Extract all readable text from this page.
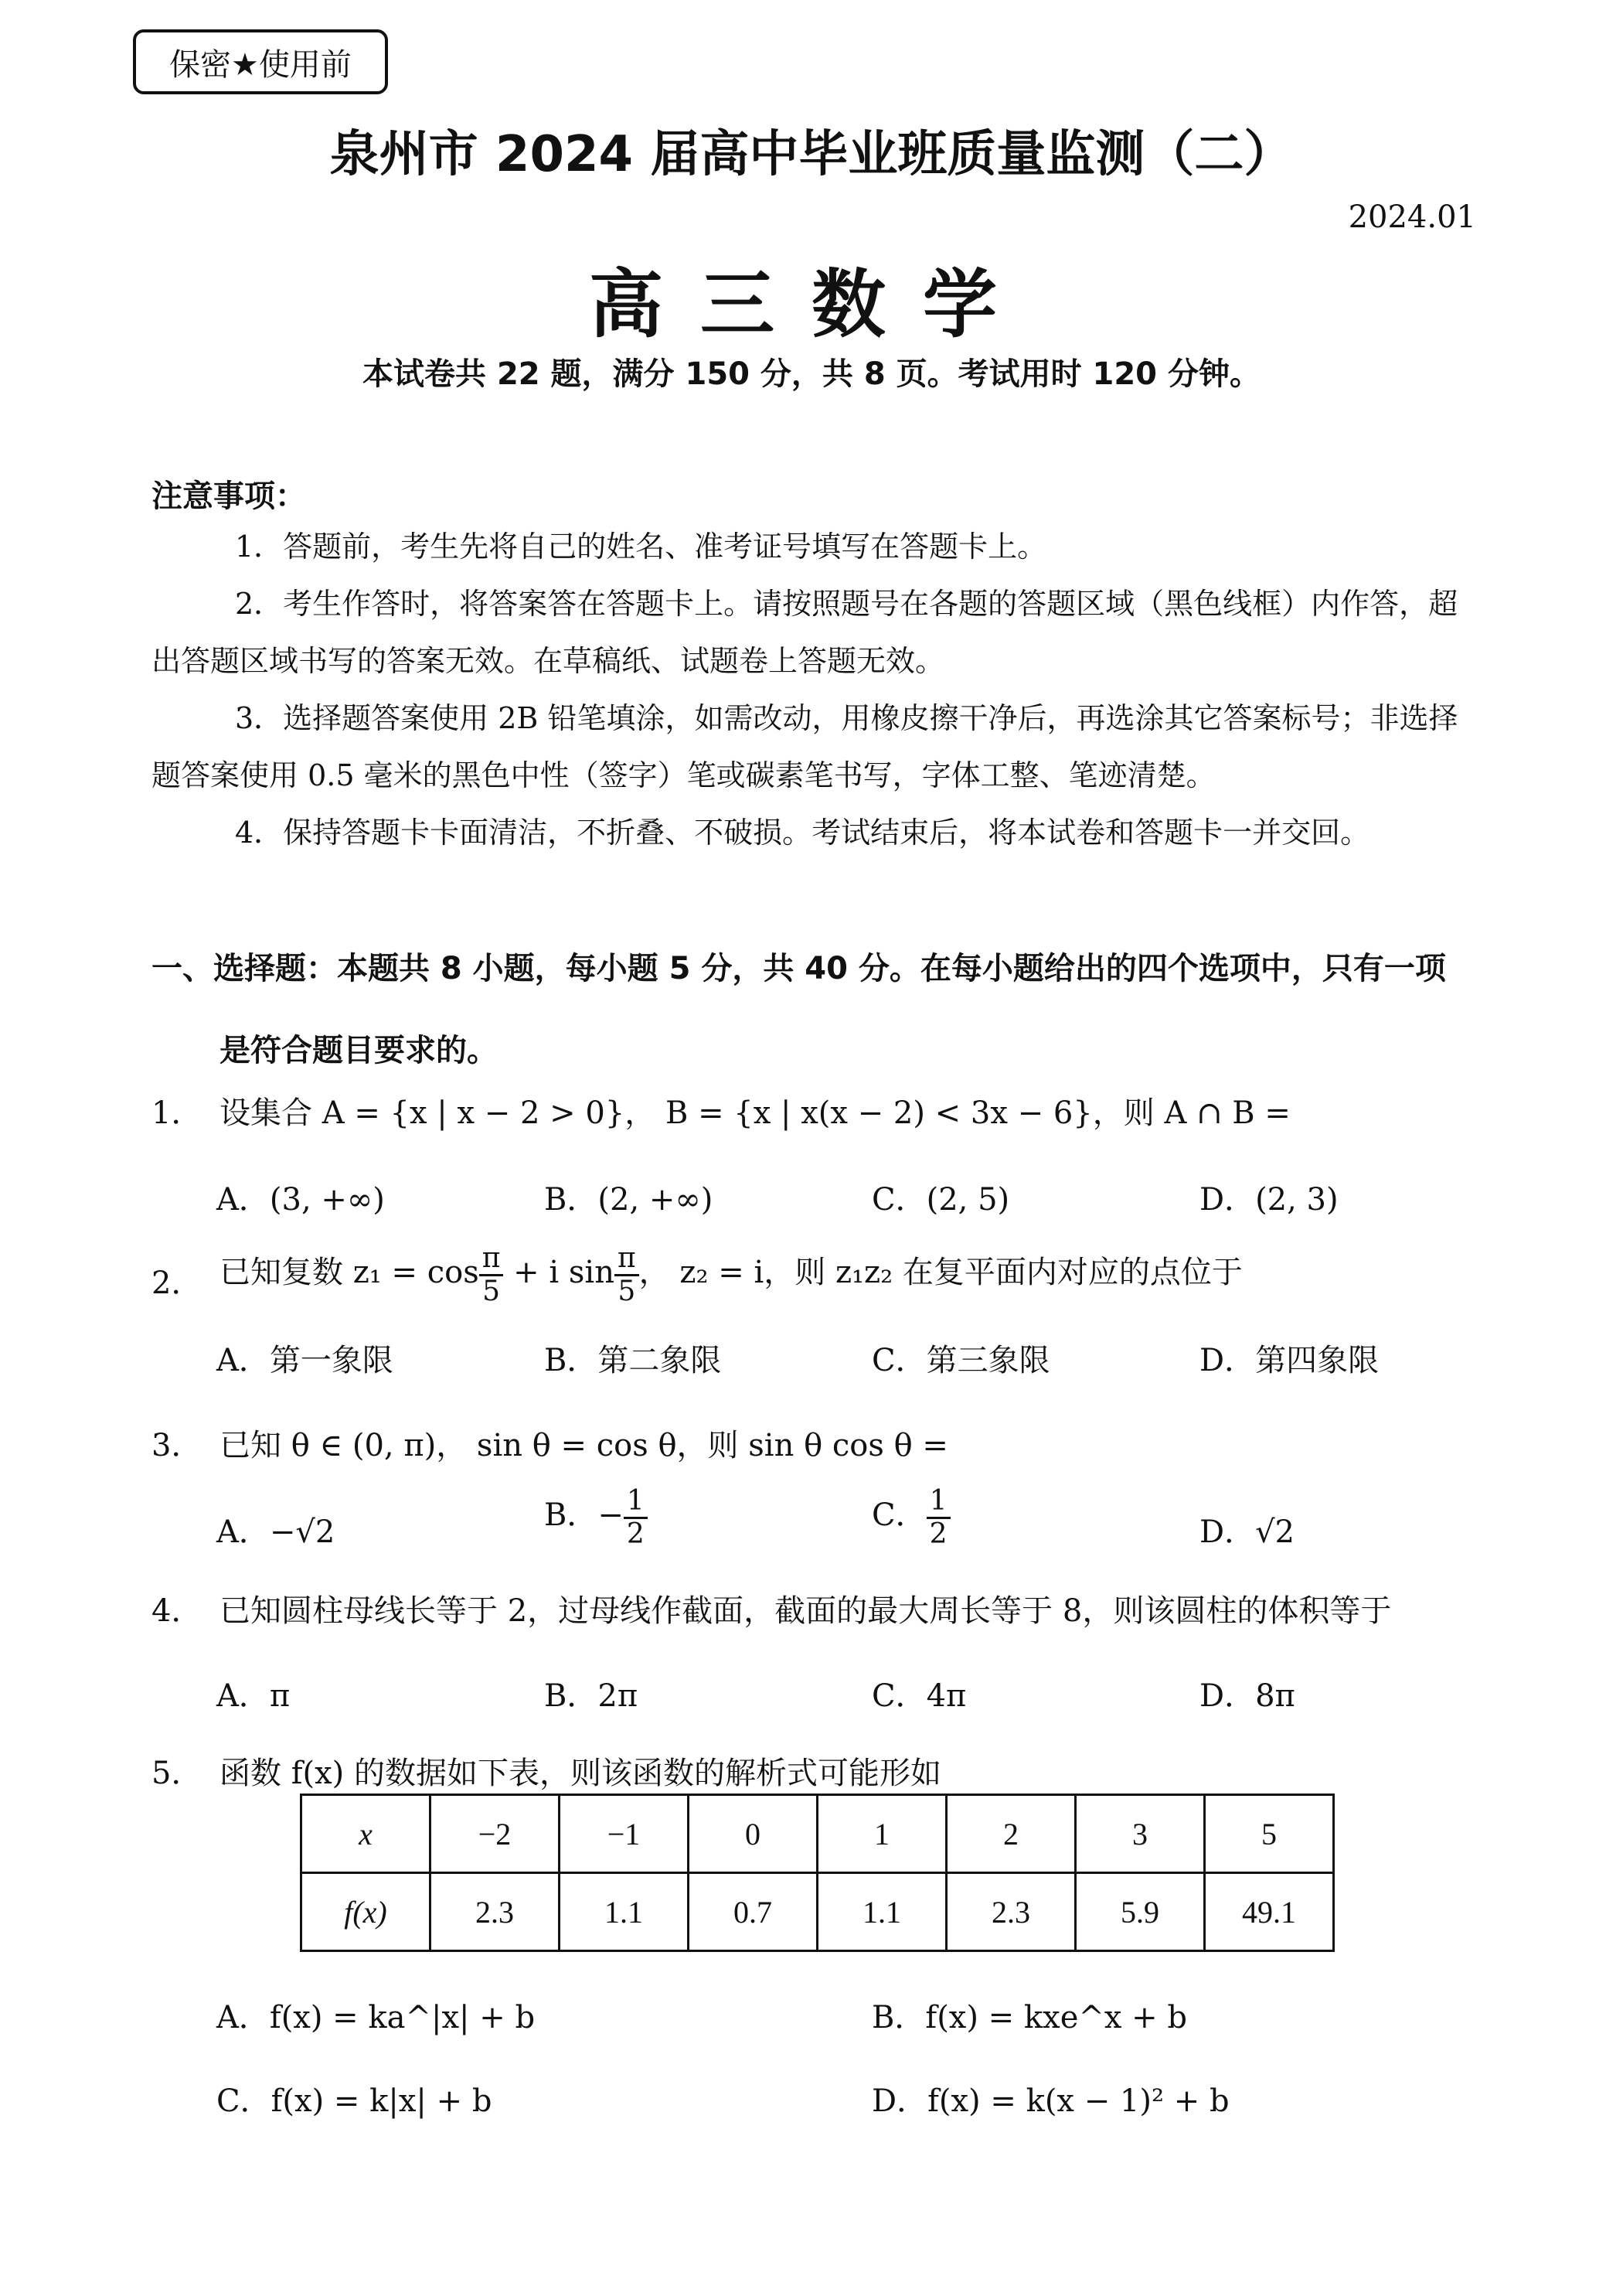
保密★使用前
泉州市 2024 届高中毕业班质量监测（二）
2024.01
高三数学
本试卷共 22 题，满分 150 分，共 8 页。考试用时 120 分钟。
注意事项：

1．答题前，考生先将自己的姓名、准考证号填写在答题卡上。

2．考生作答时，将答案答在答题卡上。请按照题号在各题的答题区域（黑色线框）内作答，超出答题区域书写的答案无效。在草稿纸、试题卷上答题无效。

3．选择题答案使用 2B 铅笔填涂，如需改动，用橡皮擦干净后，再选涂其它答案标号；非选择题答案使用 0.5 毫米的黑色中性（签字）笔或碳素笔书写，字体工整、笔迹清楚。

4．保持答题卡卡面清洁，不折叠、不破损。考试结束后，将本试卷和答题卡一并交回。

一、选择题：本题共 8 小题，每小题 5 分，共 40 分。在每小题给出的四个选项中，只有一项
是符合题目要求的。
1． 设集合 A = {x | x − 2 > 0}， B = {x | x(x − 2) < 3x − 6}，则 A ∩ B =
A．(3, +∞)	B．(2, +∞)	C．(2, 5)	D．(2, 3)
2． 已知复数 $z_1 = \cos \frac{\pi}{5} + i$ $\sin \frac{\pi}{5}$ ， z₂ = i，则 z₁z₂ 在复平面内对应的点位于
A．第一象限	B．第二象限	C．第三象限	D．第四象限
3． 已知 θ ∈ (0, π)， sin θ = cos θ，则 sin θ cos θ =
A．−√2	B．− $\frac{1}{2}$	C． $\frac{1}{2}$	D．√2
4． 已知圆柱母线长等于 2，过母线作截面，截面的最大周长等于 8，则该圆柱的体积等于
A．π	B．2π	C．4π	D．8π
5． 函数 f(x) 的数据如下表，则该函数的解析式可能形如
x	−2	−1	0	1	2	3	5
f(x)	2.3	1.1	0.7	1.1	2.3	5.9	49.1
A．f(x) = ka^|x| + b	B．f(x) = kxe^x + b
C．f(x) = k|x| + b	D．f(x) = k(x − 1)² + b
